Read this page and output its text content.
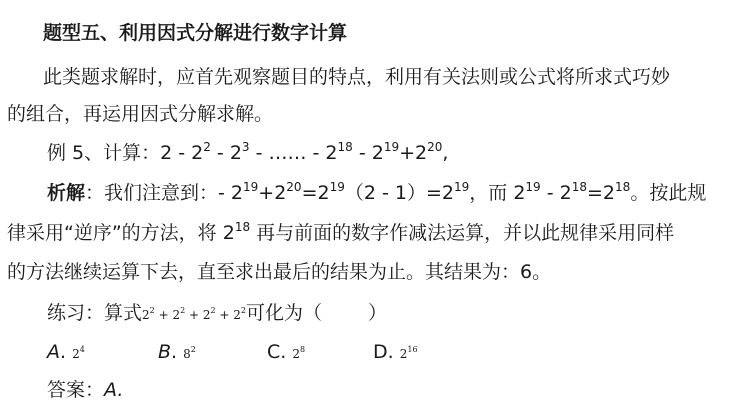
题型五、利用因式分解进行数字计算
此类题求解时，应首先观察题目的特点，利用有关法则或公式将所求式巧妙
的组合，再运用因式分解求解。
例 5、计算：$2 - 2^2 - 2^3$ - …… - $2^{18} - 2^{19}+2^{20}$,
析解：我们注意到：- $2^{19}+2^{20}=2^{19}(2 - 1)=2^{19}$，而 $2^{19} - 2^{18}=2^{18}$。按此规
律采用“逆序”的方法，将 $2^{18}$ 再与前面的数字作减法运算，并以此规律采用同样
的方法继续运算下去，直至求出最后的结果为止。其结果为：6。
练习：算式$2^2 + 2^2 + 2^2 + 2^2$可化为（ ）
A. $2^4$	B. $8^2$	C. $2^8$	D. $2^{16}$
答案：A.
